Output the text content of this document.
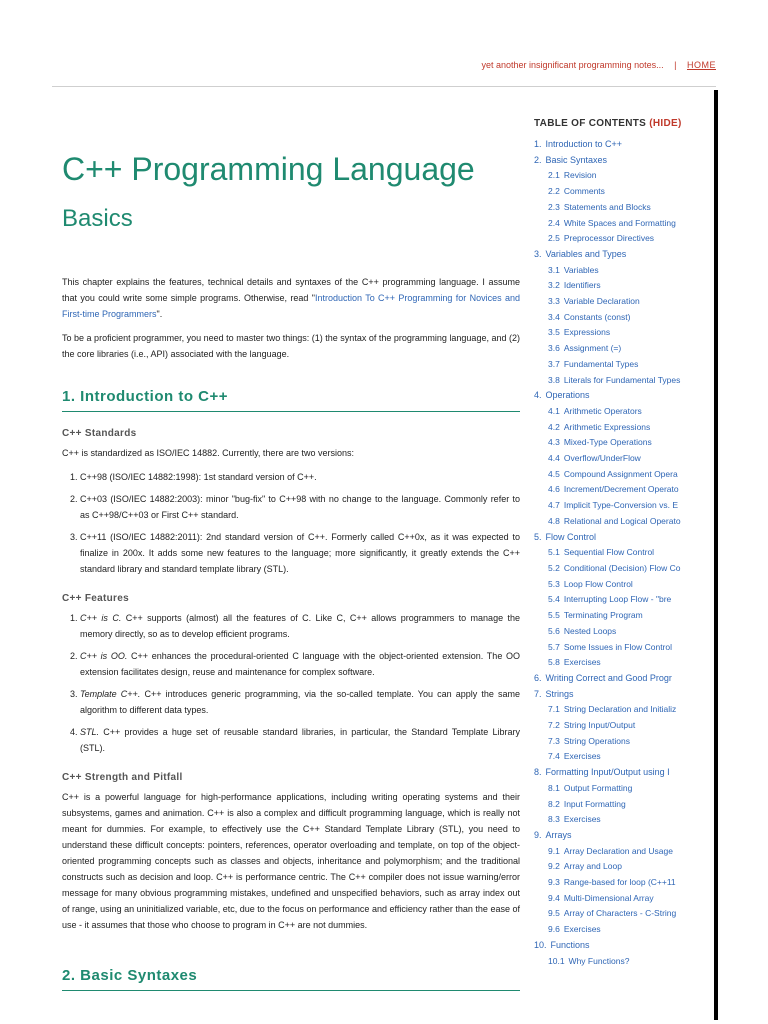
yet another insignificant programming notes... | HOME
C++ Programming Language
Basics

This chapter explains the features, technical details and syntaxes of the C++ programming language. I assume that you could write some simple programs. Otherwise, read "Introduction To C++ Programming for Novices and First-time Programmers".

To be a proficient programmer, you need to master two things: (1) the syntax of the programming language, and (2) the core libraries (i.e., API) associated with the language.

1. Introduction to C++
C++ Standards

C++ is standardized as ISO/IEC 14882. Currently, there are two versions:

1. C++98 (ISO/IEC 14882:1998): 1st standard version of C++.
2. C++03 (ISO/IEC 14882:2003): minor "bug-fix" to C++98 with no change to the language. Commonly refer to as C++98/C++03 or First C++ standard.
3. C++11 (ISO/IEC 14882:2011): 2nd standard version of C++. Formerly called C++0x, as it was expected to finalize in 200x. It adds some new features to the language; more significantly, it greatly extends the C++ standard library and standard template library (STL).
C++ Features
1. C++ is C. C++ supports (almost) all the features of C. Like C, C++ allows programmers to manage the memory directly, so as to develop efficient programs.
2. C++ is OO. C++ enhances the procedural-oriented C language with the object-oriented extension. The OO extension facilitates design, reuse and maintenance for complex software.
3. Template C++. C++ introduces generic programming, via the so-called template. You can apply the same algorithm to different data types.
4. STL. C++ provides a huge set of reusable standard libraries, in particular, the Standard Template Library (STL).
C++ Strength and Pitfall

C++ is a powerful language for high-performance applications, including writing operating systems and their subsystems, games and animation. C++ is also a complex and difficult programming language, which is really not meant for dummies. For example, to effectively use the C++ Standard Template Library (STL), you need to understand these difficult concepts: pointers, references, operator overloading and template, on top of the object-oriented programming concepts such as classes and objects, inheritance and polymorphism; and the traditional constructs such as decision and loop. C++ is performance centric. The C++ compiler does not issue warning/error message for many obvious programming mistakes, undefined and unspecified behaviors, such as array index out of range, using an uninitialized variable, etc, due to the focus on performance and efficiency rather than the ease of use - it assumes that those who choose to program in C++ are not dummies.

2. Basic Syntaxes
TABLE OF CONTENTS (HIDE)
1. Introduction to C++
2. Basic Syntaxes
2.1 Revision
2.2 Comments
2.3 Statements and Blocks
2.4 White Spaces and Formatting
2.5 Preprocessor Directives
3. Variables and Types
3.1 Variables
3.2 Identifiers
3.3 Variable Declaration
3.4 Constants (const)
3.5 Expressions
3.6 Assignment (=)
3.7 Fundamental Types
3.8 Literals for Fundamental Types
4. Operations
4.1 Arithmetic Operators
4.2 Arithmetic Expressions
4.3 Mixed-Type Operations
4.4 Overflow/UnderFlow
4.5 Compound Assignment Opera
4.6 Increment/Decrement Operato
4.7 Implicit Type-Conversion vs. E
4.8 Relational and Logical Operato
5. Flow Control
5.1 Sequential Flow Control
5.2 Conditional (Decision) Flow Co
5.3 Loop Flow Control
5.4 Interrupting Loop Flow - "bre
5.5 Terminating Program
5.6 Nested Loops
5.7 Some Issues in Flow Control
5.8 Exercises
6. Writing Correct and Good Progr
7. Strings
7.1 String Declaration and Initializ
7.2 String Input/Output
7.3 String Operations
7.4 Exercises
8. Formatting Input/Output using I
8.1 Output Formatting
8.2 Input Formatting
8.3 Exercises
9. Arrays
9.1 Array Declaration and Usage
9.2 Array and Loop
9.3 Range-based for loop (C++11
9.4 Multi-Dimensional Array
9.5 Array of Characters - C-String
9.6 Exercises
10. Functions
10.1 Why Functions?
